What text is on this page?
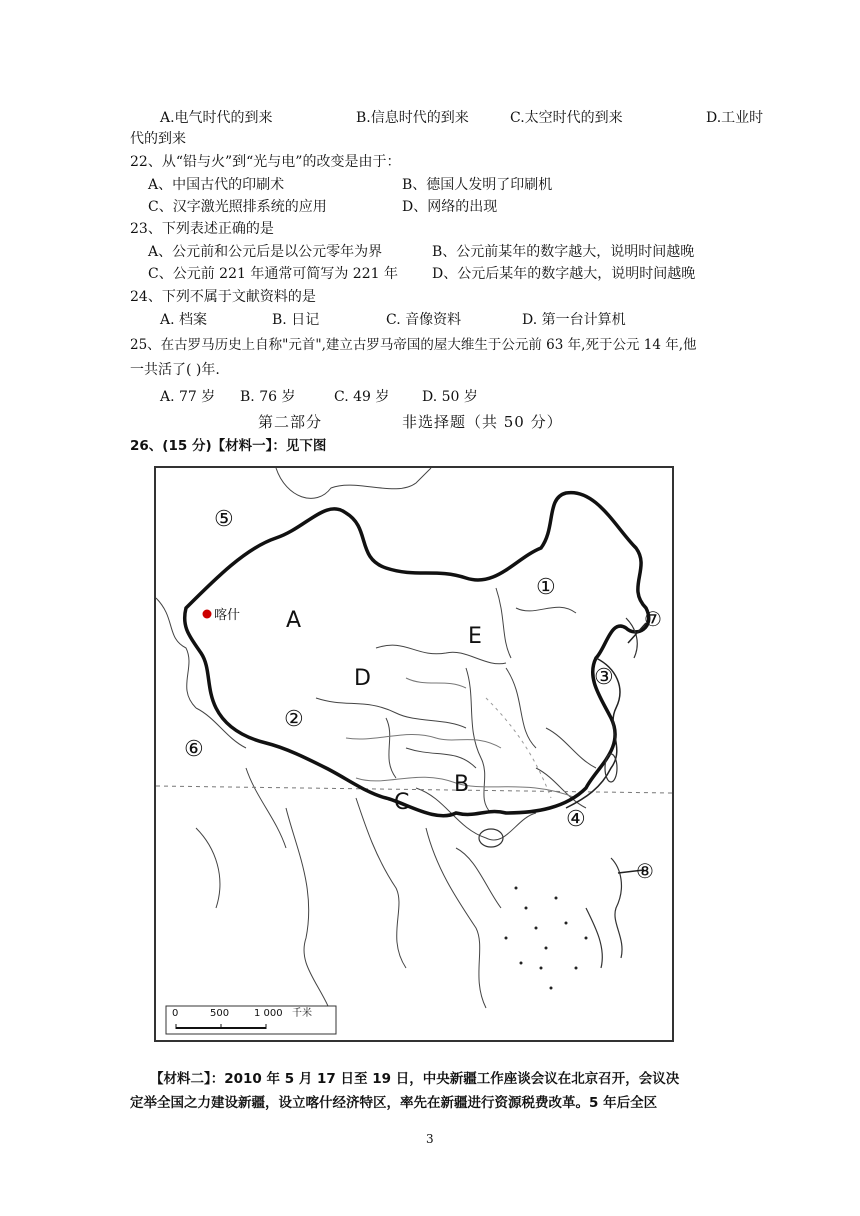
A.电气时代的到来	B.信息时代的到来	C.太空时代的到来	D.工业时
代的到来
22、从“铅与火”到“光与电”的改变是由于：
A、中国古代的印刷术	B、德国人发明了印刷机
C、汉字激光照排系统的应用	D、网络的出现
23、下列表述正确的是
A、公元前和公元后是以公元零年为界	B、公元前某年的数字越大，说明时间越晚
C、公元前 221 年通常可简写为 221 年 D、公元后某年的数字越大，说明时间越晚
24、下列不属于文献资料的是
A. 档案	B. 日记	C. 音像资料	D. 第一台计算机
25、在古罗马历史上自称"元首",建立古罗马帝国的屋大维生于公元前 63 年,死于公元 14 年,他
一共活了( )年.
A. 77 岁 B. 76 岁	C. 49 岁 D. 50 岁
第二部分	非选择题（共 50 分）
26、(15 分)【材料一】：见下图
⑤
①
⑦
③
②
⑥
④
⑧
A
B
C
D
E
喀什
0	500 1 000 千米
【材料二】：2010 年 5 月 17 日至 19 日，中央新疆工作座谈会议在北京召开，会议决
定举全国之力建设新疆，设立喀什经济特区，率先在新疆进行资源税费改革。5 年后全区
3
